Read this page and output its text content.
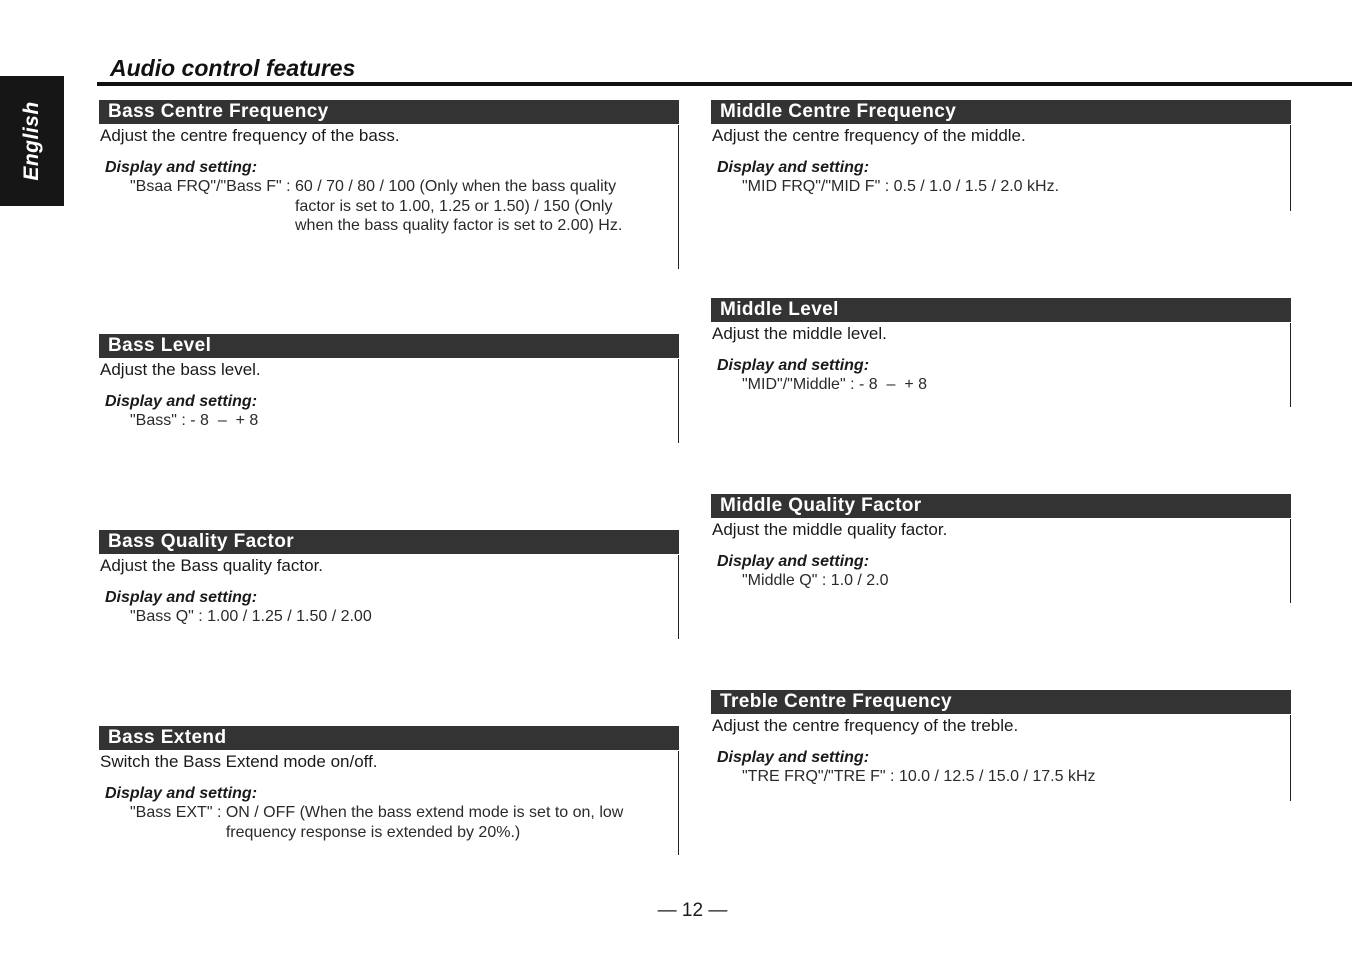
English
Audio control features
Bass Centre Frequency
Adjust the centre frequency of the bass.
Display and setting:
"Bsaa FRQ"/"Bass F" : 60 / 70 / 80 / 100 (Only when the bass quality factor is set to 1.00, 1.25 or 1.50) / 150 (Only when the bass quality factor is set to 2.00) Hz.
Bass Level
Adjust the bass level.
Display and setting:
"Bass" : - 8  –  + 8
Bass Quality Factor
Adjust the Bass quality factor.
Display and setting:
"Bass Q" : 1.00 / 1.25 / 1.50 / 2.00
Bass Extend
Switch the Bass Extend mode on/off.
Display and setting:
"Bass EXT" : ON / OFF (When the bass extend mode is set to on, low frequency response is extended by 20%.)
Middle Centre Frequency
Adjust the centre frequency of the middle.
Display and setting:
"MID FRQ"/"MID F" : 0.5 / 1.0 / 1.5 / 2.0 kHz.
Middle Level
Adjust the middle level.
Display and setting:
"MID"/"Middle" : - 8  –  + 8
Middle Quality Factor
Adjust the middle quality factor.
Display and setting:
"Middle Q" : 1.0 / 2.0
Treble Centre Frequency
Adjust the centre frequency of the treble.
Display and setting:
"TRE FRQ"/"TRE F" : 10.0 / 12.5 / 15.0 / 17.5 kHz
— 12 —
